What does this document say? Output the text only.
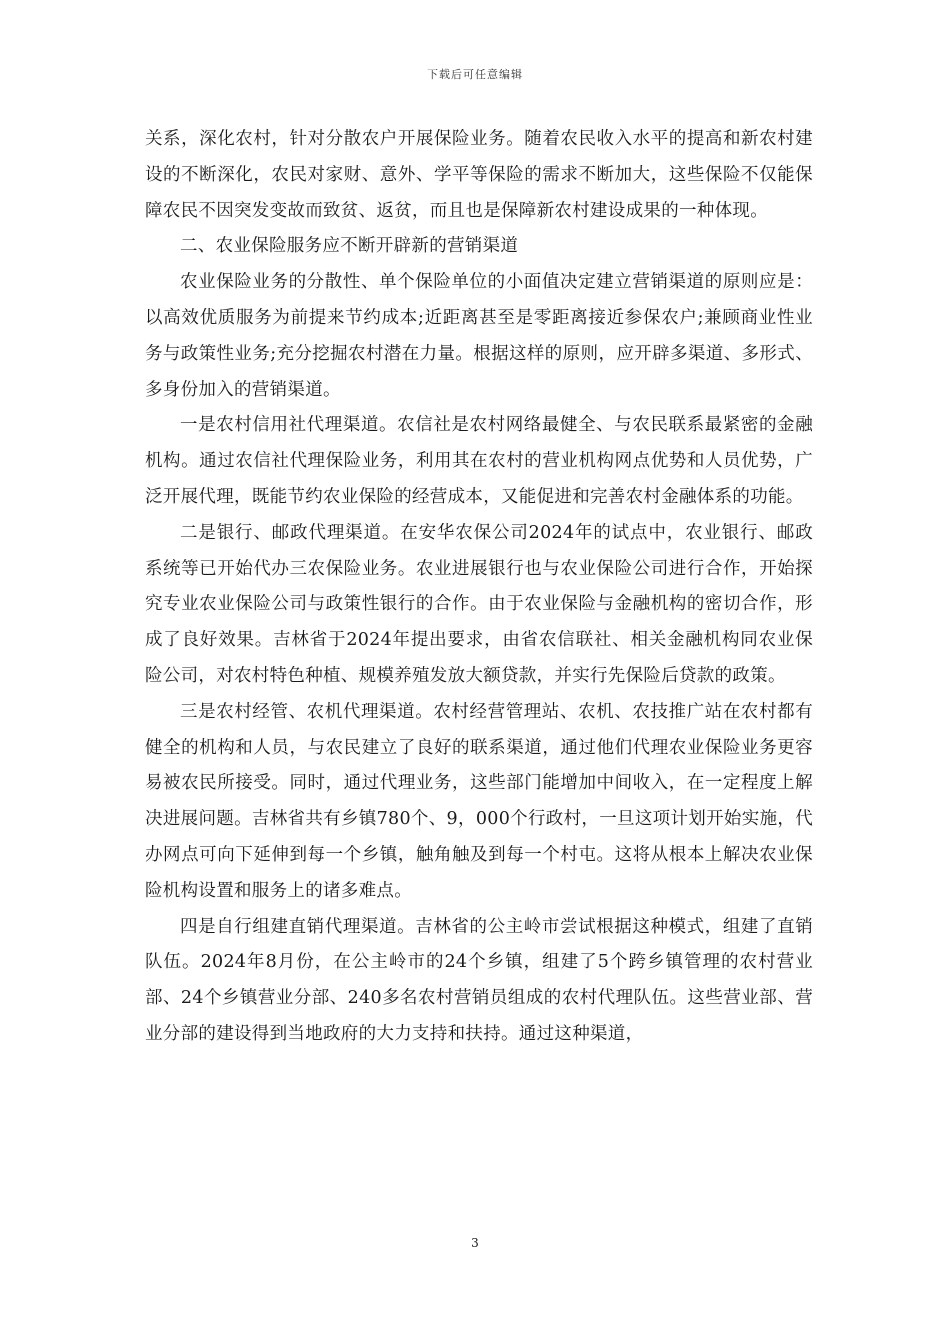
下载后可任意编辑

关系，深化农村，针对分散农户开展保险业务。随着农民收入水平的提高和新农村建设的不断深化，农民对家财、意外、学平等保险的需求不断加大，这些保险不仅能保障农民不因突发变故而致贫、返贫，而且也是保障新农村建设成果的一种体现。

二、农业保险服务应不断开辟新的营销渠道

农业保险业务的分散性、单个保险单位的小面值决定建立营销渠道的原则应是：以高效优质服务为前提来节约成本;近距离甚至是零距离接近参保农户;兼顾商业性业务与政策性业务;充分挖掘农村潜在力量。根据这样的原则，应开辟多渠道、多形式、多身份加入的营销渠道。

一是农村信用社代理渠道。农信社是农村网络最健全、与农民联系最紧密的金融机构。通过农信社代理保险业务，利用其在农村的营业机构网点优势和人员优势，广泛开展代理，既能节约农业保险的经营成本，又能促进和完善农村金融体系的功能。

二是银行、邮政代理渠道。在安华农保公司2024年的试点中，农业银行、邮政系统等已开始代办三农保险业务。农业进展银行也与农业保险公司进行合作，开始探究专业农业保险公司与政策性银行的合作。由于农业保险与金融机构的密切合作，形成了良好效果。吉林省于2024年提出要求，由省农信联社、相关金融机构同农业保险公司，对农村特色种植、规模养殖发放大额贷款，并实行先保险后贷款的政策。

三是农村经管、农机代理渠道。农村经营管理站、农机、农技推广站在农村都有健全的机构和人员，与农民建立了良好的联系渠道，通过他们代理农业保险业务更容易被农民所接受。同时，通过代理业务，这些部门能增加中间收入，在一定程度上解决进展问题。吉林省共有乡镇780个、9，000个行政村，一旦这项计划开始实施，代办网点可向下延伸到每一个乡镇，触角触及到每一个村屯。这将从根本上解决农业保险机构设置和服务上的诸多难点。

四是自行组建直销代理渠道。吉林省的公主岭市尝试根据这种模式，组建了直销队伍。2024年8月份，在公主岭市的24个乡镇，组建了5个跨乡镇管理的农村营业部、24个乡镇营业分部、240多名农村营销员组成的农村代理队伍。这些营业部、营业分部的建设得到当地政府的大力支持和扶持。通过这种渠道，

3
